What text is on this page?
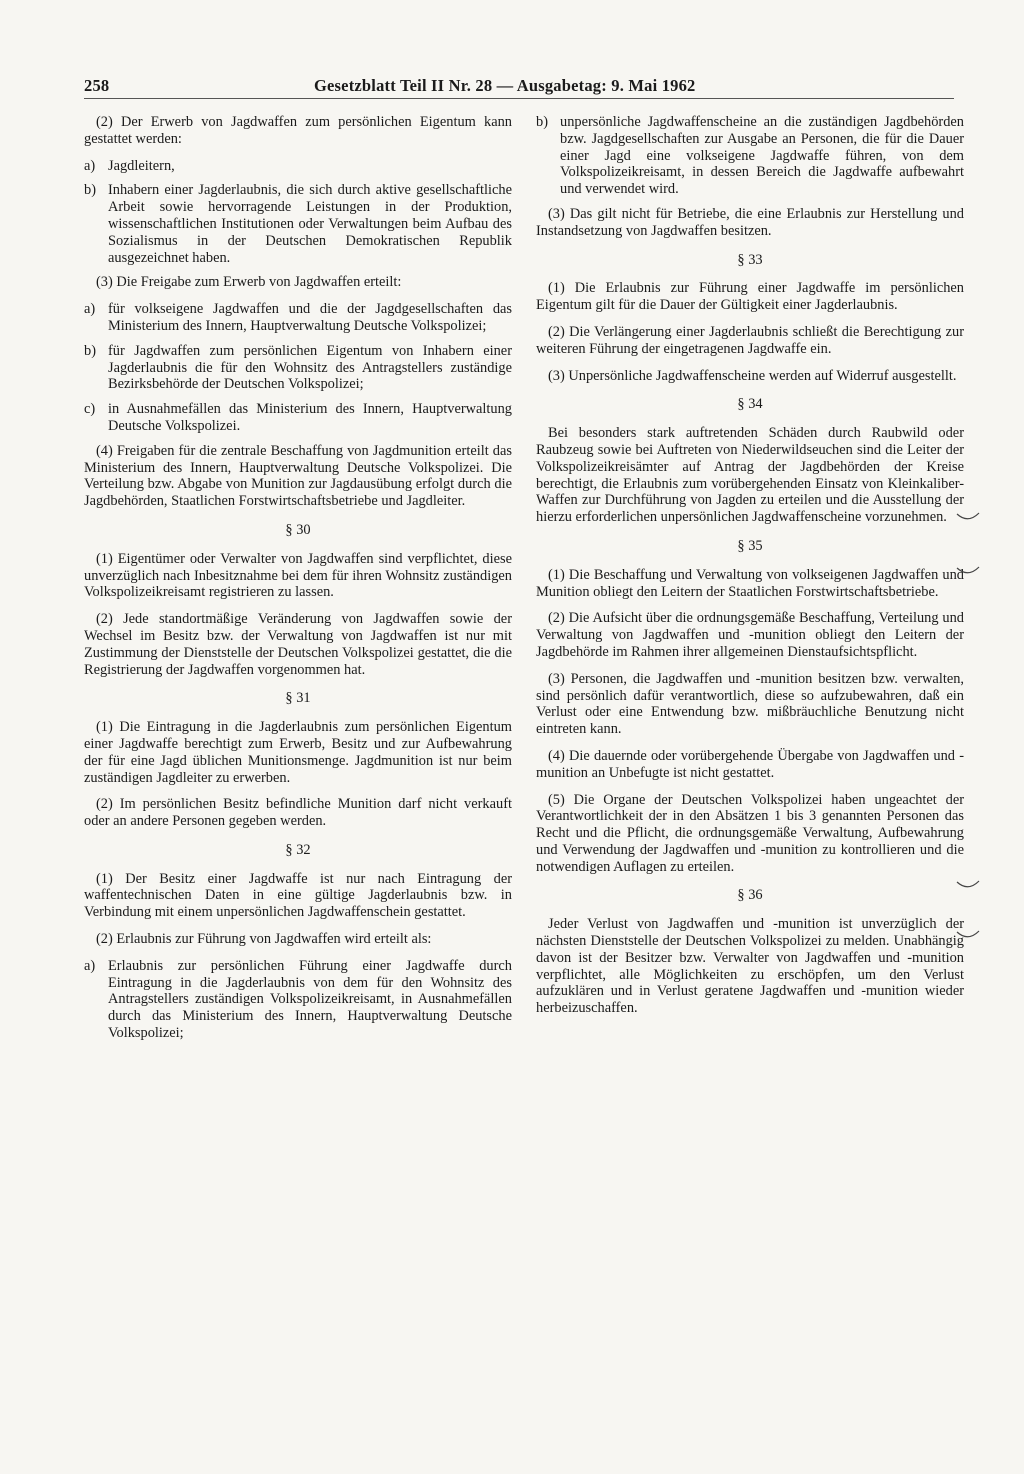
258	Gesetzblatt Teil II Nr. 28 — Ausgabetag: 9. Mai 1962

(2) Der Erwerb von Jagdwaffen zum persönlichen Eigentum kann gestattet werden:

a) Jagdleitern,
b) Inhabern einer Jagderlaubnis, die sich durch aktive gesellschaftliche Arbeit sowie hervorragende Leistungen in der Produktion, wissenschaftlichen Institutionen oder Verwaltungen beim Aufbau des Sozialismus in der Deutschen Demokratischen Republik ausgezeichnet haben.

(3) Die Freigabe zum Erwerb von Jagdwaffen erteilt:

a) für volkseigene Jagdwaffen und die der Jagdgesellschaften das Ministerium des Innern, Hauptverwaltung Deutsche Volkspolizei;
b) für Jagdwaffen zum persönlichen Eigentum von Inhabern einer Jagderlaubnis die für den Wohnsitz des Antragstellers zuständige Bezirksbehörde der Deutschen Volkspolizei;
c) in Ausnahmefällen das Ministerium des Innern, Hauptverwaltung Deutsche Volkspolizei.

(4) Freigaben für die zentrale Beschaffung von Jagdmunition erteilt das Ministerium des Innern, Hauptverwaltung Deutsche Volkspolizei. Die Verteilung bzw. Abgabe von Munition zur Jagdausübung erfolgt durch die Jagdbehörden, Staatlichen Forstwirtschaftsbetriebe und Jagdleiter.

§ 30

(1) Eigentümer oder Verwalter von Jagdwaffen sind verpflichtet, diese unverzüglich nach Inbesitznahme bei dem für ihren Wohnsitz zuständigen Volkspolizeikreisamt registrieren zu lassen.

(2) Jede standortmäßige Veränderung von Jagdwaffen sowie der Wechsel im Besitz bzw. der Verwaltung von Jagdwaffen ist nur mit Zustimmung der Dienststelle der Deutschen Volkspolizei gestattet, die die Registrierung der Jagdwaffen vorgenommen hat.

§ 31

(1) Die Eintragung in die Jagderlaubnis zum persönlichen Eigentum einer Jagdwaffe berechtigt zum Erwerb, Besitz und zur Aufbewahrung der für eine Jagd üblichen Munitionsmenge. Jagdmunition ist nur beim zuständigen Jagdleiter zu erwerben.

(2) Im persönlichen Besitz befindliche Munition darf nicht verkauft oder an andere Personen gegeben werden.

§ 32

(1) Der Besitz einer Jagdwaffe ist nur nach Eintragung der waffentechnischen Daten in eine gültige Jagderlaubnis bzw. in Verbindung mit einem unpersönlichen Jagdwaffenschein gestattet.

(2) Erlaubnis zur Führung von Jagdwaffen wird erteilt als:

a) Erlaubnis zur persönlichen Führung einer Jagdwaffe durch Eintragung in die Jagderlaubnis von dem für den Wohnsitz des Antragstellers zuständigen Volkspolizeikreisamt, in Ausnahmefällen durch das Ministerium des Innern, Hauptverwaltung Deutsche Volkspolizei;
b) unpersönliche Jagdwaffenscheine an die zuständigen Jagdbehörden bzw. Jagdgesellschaften zur Ausgabe an Personen, die für die Dauer einer Jagd eine volkseigene Jagdwaffe führen, von dem Volkspolizeikreisamt, in dessen Bereich die Jagdwaffe aufbewahrt und verwendet wird.

(3) Das gilt nicht für Betriebe, die eine Erlaubnis zur Herstellung und Instandsetzung von Jagdwaffen besitzen.

§ 33

(1) Die Erlaubnis zur Führung einer Jagdwaffe im persönlichen Eigentum gilt für die Dauer der Gültigkeit einer Jagderlaubnis.

(2) Die Verlängerung einer Jagderlaubnis schließt die Berechtigung zur weiteren Führung der eingetragenen Jagdwaffe ein.

(3) Unpersönliche Jagdwaffenscheine werden auf Widerruf ausgestellt.

§ 34

Bei besonders stark auftretenden Schäden durch Raubwild oder Raubzeug sowie bei Auftreten von Niederwildseuchen sind die Leiter der Volkspolizeikreisämter auf Antrag der Jagdbehörden der Kreise berechtigt, die Erlaubnis zum vorübergehenden Einsatz von Kleinkaliber-Waffen zur Durchführung von Jagden zu erteilen und die Ausstellung der hierzu erforderlichen unpersönlichen Jagdwaffenscheine vorzunehmen.

§ 35

(1) Die Beschaffung und Verwaltung von volkseigenen Jagdwaffen und Munition obliegt den Leitern der Staatlichen Forstwirtschaftsbetriebe.

(2) Die Aufsicht über die ordnungsgemäße Beschaffung, Verteilung und Verwaltung von Jagdwaffen und -munition obliegt den Leitern der Jagdbehörde im Rahmen ihrer allgemeinen Dienstaufsichtspflicht.

(3) Personen, die Jagdwaffen und -munition besitzen bzw. verwalten, sind persönlich dafür verantwortlich, diese so aufzubewahren, daß ein Verlust oder eine Entwendung bzw. mißbräuchliche Benutzung nicht eintreten kann.

(4) Die dauernde oder vorübergehende Übergabe von Jagdwaffen und -munition an Unbefugte ist nicht gestattet.

(5) Die Organe der Deutschen Volkspolizei haben ungeachtet der Verantwortlichkeit der in den Absätzen 1 bis 3 genannten Personen das Recht und die Pflicht, die ordnungsgemäße Verwaltung, Aufbewahrung und Verwendung der Jagdwaffen und -munition zu kontrollieren und die notwendigen Auflagen zu erteilen.

§ 36

Jeder Verlust von Jagdwaffen und -munition ist unverzüglich der nächsten Dienststelle der Deutschen Volkspolizei zu melden. Unabhängig davon ist der Besitzer bzw. Verwalter von Jagdwaffen und -munition verpflichtet, alle Möglichkeiten zu erschöpfen, um den Verlust aufzuklären und in Verlust geratene Jagdwaffen und -munition wieder herbeizuschaffen.
